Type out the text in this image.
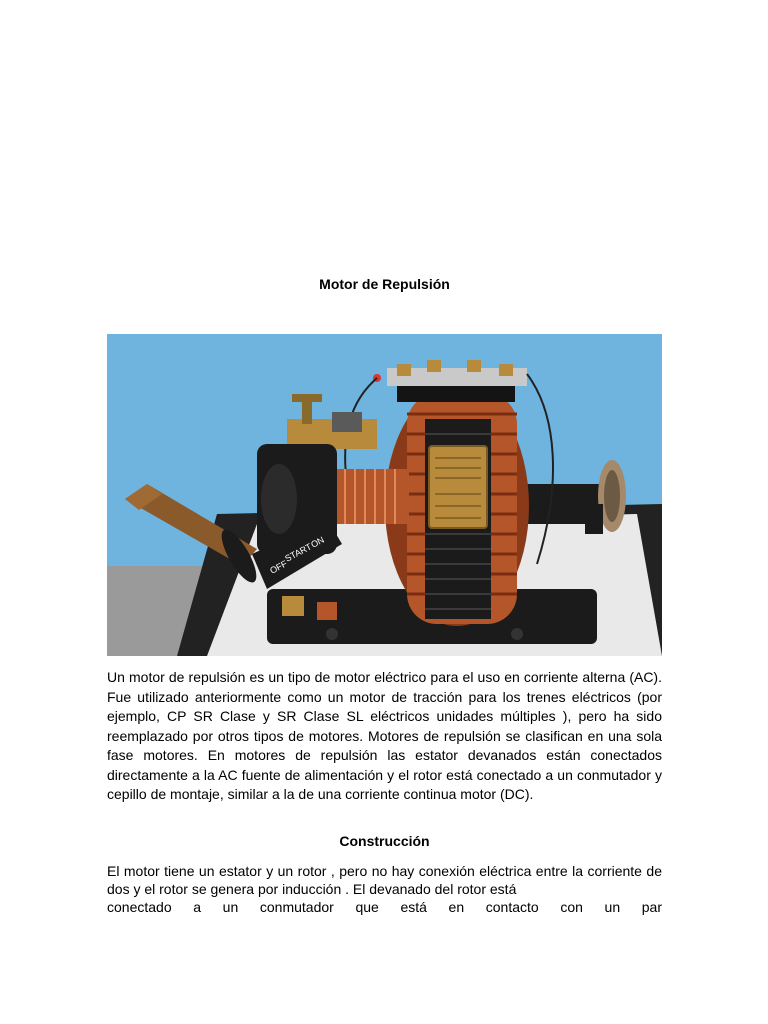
Motor de Repulsión
OFF
START
ON

Un motor de repulsión es un tipo de motor eléctrico para el uso en corriente alterna (AC). Fue utilizado anteriormente como un motor de tracción para los trenes eléctricos (por ejemplo, CP SR Clase y SR Clase SL eléctricos unidades múltiples ), pero ha sido reemplazado por otros tipos de motores. Motores de repulsión se clasifican en una sola fase motores. En motores de repulsión las estator devanados están conectados directamente a la AC fuente de alimentación y el rotor está conectado a un conmutador y cepillo de montaje, similar a la de una corriente continua motor (DC).

Construcción

El motor tiene un estator y un rotor , pero no hay conexión eléctrica entre la corriente de dos y el rotor se genera por inducción . El devanado del rotor está
conectado a un conmutador que está en contacto con un par
